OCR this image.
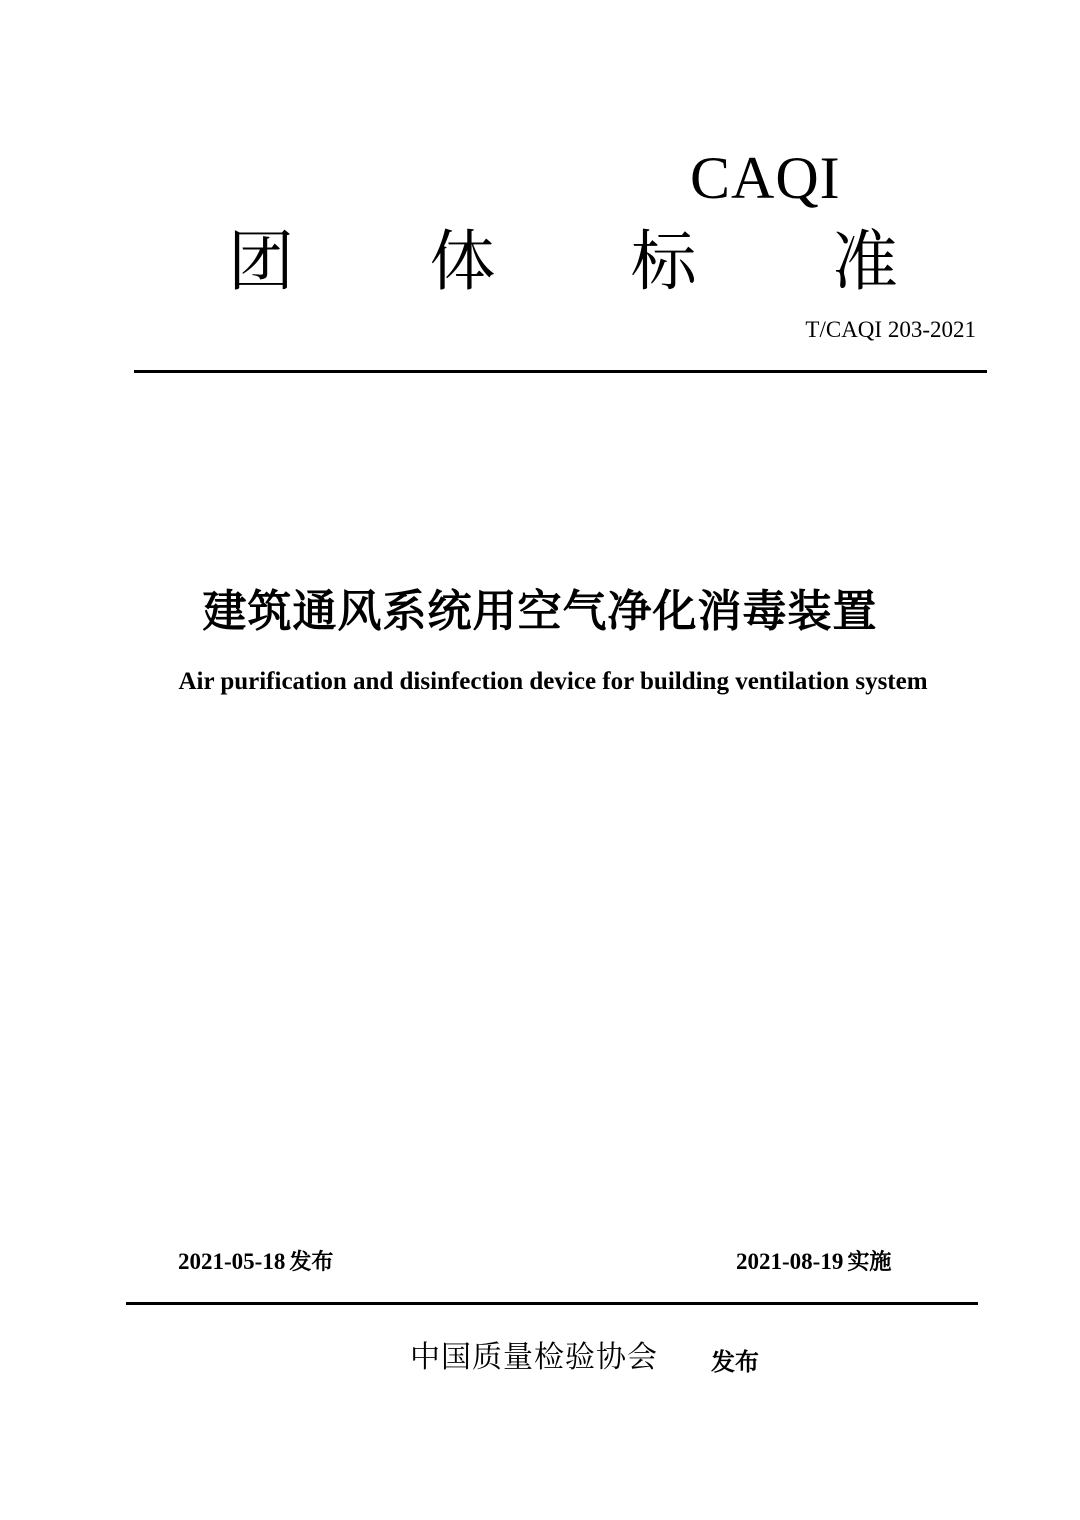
CAQI
团 体 标 准
T/CAQI 203-2021
建筑通风系统用空气净化消毒装置
Air purification and disinfection device for building ventilation system
2021-05-18 发布	2021-08-19 实施
中国质量检验协会	发布
